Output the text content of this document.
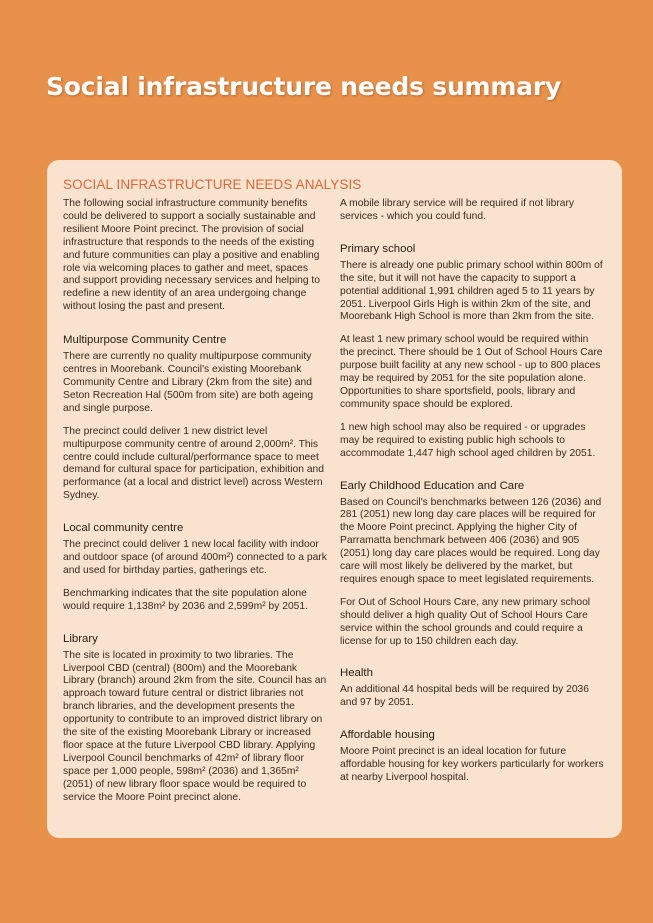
Social infrastructure needs summary
SOCIAL INFRASTRUCTURE NEEDS ANALYSIS

The following social infrastructure community benefits could be delivered to support a socially sustainable and resilient Moore Point precinct. The provision of social infrastructure that responds to the needs of the existing and future communities can play a positive and enabling role via welcoming places to gather and meet, spaces and support providing necessary services and helping to redefine a new identity of an area undergoing change without losing the past and present.

Multipurpose Community Centre

There are currently no quality multipurpose community centres in Moorebank. Council's existing Moorebank Community Centre and Library (2km from the site) and Seton Recreation Hal (500m from site) are both ageing and single purpose.

The precinct could deliver 1 new district level multipurpose community centre of around 2,000m². This centre could include cultural/performance space to meet demand for cultural space for participation, exhibition and performance (at a local and district level) across Western Sydney.

Local community centre

The precinct could deliver 1 new local facility with indoor and outdoor space (of around 400m²) connected to a park and used for birthday parties, gatherings etc.

Benchmarking indicates that the site population alone would require 1,138m² by 2036 and 2,599m² by 2051.

Library

The site is located in proximity to two libraries. The Liverpool CBD (central) (800m) and the Moorebank Library (branch) around 2km from the site. Council has an approach toward future central or district libraries not branch libraries, and the development presents the opportunity to contribute to an improved district library on the site of the existing Moorebank Library or increased floor space at the future Liverpool CBD library. Applying Liverpool Council benchmarks of 42m² of library floor space per 1,000 people, 598m² (2036) and 1,365m² (2051) of new library floor space would be required to service the Moore Point precinct alone.

A mobile library service will be required if not library services - which you could fund.

Primary school

There is already one public primary school within 800m of the site, but it will not have the capacity to support a potential additional 1,991 children aged 5 to 11 years by 2051. Liverpool Girls High is within 2km of the site, and Moorebank High School is more than 2km from the site.

At least 1 new primary school would be required within the precinct. There should be 1 Out of School Hours Care purpose built facility at any new school - up to 800 places may be required by 2051 for the site population alone. Opportunities to share sportsfield, pools, library and community space should be explored.

1 new high school may also be required - or upgrades may be required to existing public high schools to accommodate 1,447 high school aged children by 2051.

Early Childhood Education and Care

Based on Council's benchmarks between 126 (2036) and 281 (2051) new long day care places will be required for the Moore Point precinct. Applying the higher City of Parramatta benchmark between 406 (2036) and 905 (2051) long day care places would be required. Long day care will most likely be delivered by the market, but requires enough space to meet legislated requirements.

For Out of School Hours Care, any new primary school should deliver a high quality Out of School Hours Care service within the school grounds and could require a license for up to 150 children each day.

Health

An additional 44 hospital beds will be required by 2036 and 97 by 2051.

Affordable housing

Moore Point precinct is an ideal location for future affordable housing for key workers particularly for workers at nearby Liverpool hospital.
